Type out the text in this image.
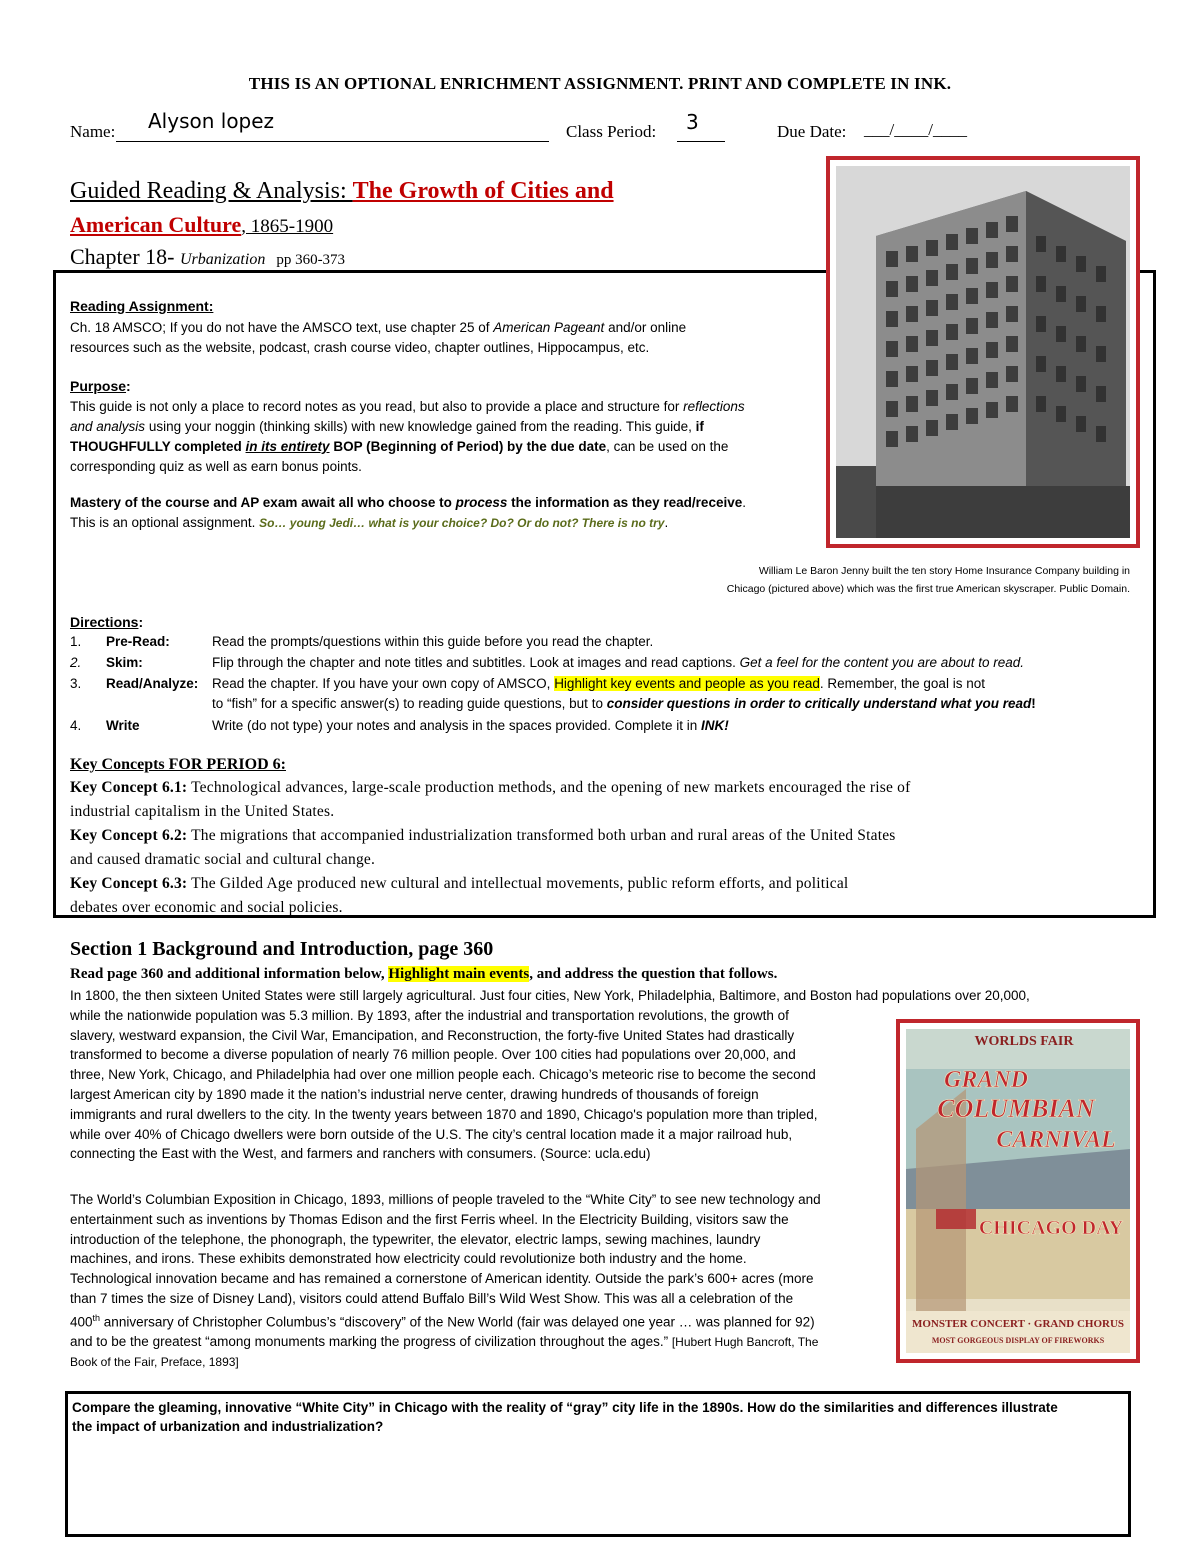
THIS IS AN OPTIONAL ENRICHMENT ASSIGNMENT. PRINT AND COMPLETE IN INK.
Name: Alyson lopez	Class Period: 3	Due Date: ___/____/____
Guided Reading & Analysis: The Growth of Cities and
American Culture, 1865-1900
Chapter 18- Urbanization pp 360-373
William Le Baron Jenny built the ten story Home Insurance Company building in
Chicago (pictured above) which was the first true American skyscraper. Public Domain.
Reading Assignment:
Ch. 18 AMSCO; If you do not have the AMSCO text, use chapter 25 of American Pageant and/or online
resources such as the website, podcast, crash course video, chapter outlines, Hippocampus, etc.
Purpose:
This guide is not only a place to record notes as you read, but also to provide a place and structure for reflections
and analysis using your noggin (thinking skills) with new knowledge gained from the reading. This guide, if
THOUGHFULLY completed in its entirety BOP (Beginning of Period) by the due date, can be used on the
corresponding quiz as well as earn bonus points.
Mastery of the course and AP exam await all who choose to process the information as they read/receive.
This is an optional assignment. So… young Jedi… what is your choice? Do? Or do not? There is no try.
Directions:
1. Pre-Read:	Read the prompts/questions within this guide before you read the chapter.
2. Skim:	Flip through the chapter and note titles and subtitles. Look at images and read captions. Get a feel for the content you are about to read.
3. Read/Analyze: Read the chapter. If you have your own copy of AMSCO, Highlight key events and people as you read. Remember, the goal is not
to “fish” for a specific answer(s) to reading guide questions, but to consider questions in order to critically understand what you read!
4. Write	Write (do not type) your notes and analysis in the spaces provided. Complete it in INK!
Key Concepts FOR PERIOD 6:
Key Concept 6.1: Technological advances, large-scale production methods, and the opening of new markets encouraged the rise of
industrial capitalism in the United States.
Key Concept 6.2: The migrations that accompanied industrialization transformed both urban and rural areas of the United States
and caused dramatic social and cultural change.
Key Concept 6.3: The Gilded Age produced new cultural and intellectual movements, public reform efforts, and political
debates over economic and social policies.
Section 1 Background and Introduction, page 360
Read page 360 and additional information below, Highlight main events, and address the question that follows.
In 1800, the then sixteen United States were still largely agricultural. Just four cities, New York, Philadelphia, Baltimore, and Boston had populations over 20,000,
while the nationwide population was 5.3 million. By 1893, after the industrial and transportation revolutions, the growth of
slavery, westward expansion, the Civil War, Emancipation, and Reconstruction, the forty-five United States had drastically
transformed to become a diverse population of nearly 76 million people. Over 100 cities had populations over 20,000, and
three, New York, Chicago, and Philadelphia had over one million people each. Chicago’s meteoric rise to become the second
largest American city by 1890 made it the nation’s industrial nerve center, drawing hundreds of thousands of foreign
immigrants and rural dwellers to the city. In the twenty years between 1870 and 1890, Chicago's population more than tripled,
while over 40% of Chicago dwellers were born outside of the U.S. The city’s central location made it a major railroad hub,
connecting the East with the West, and farmers and ranchers with consumers. (Source: ucla.edu)
The World’s Columbian Exposition in Chicago, 1893, millions of people traveled to the “White City” to see new technology and
entertainment such as inventions by Thomas Edison and the first Ferris wheel. In the Electricity Building, visitors saw the
introduction of the telephone, the phonograph, the typewriter, the elevator, electric lamps, sewing machines, laundry
machines, and irons. These exhibits demonstrated how electricity could revolutionize both industry and the home.
Technological innovation became and has remained a cornerstone of American identity. Outside the park’s 600+ acres (more
than 7 times the size of Disney Land), visitors could attend Buffalo Bill’s Wild West Show. This was all a celebration of the
400th anniversary of Christopher Columbus’s “discovery” of the New World (fair was delayed one year … was planned for 92)
and to be the greatest “among monuments marking the progress of civilization throughout the ages.” [Hubert Hugh Bancroft, The
Book of the Fair, Preface, 1893]
WORLDS FAIR
GRAND
COLUMBIAN
CARNIVAL
CHICAGO DAY
MONSTER CONCERT · GRAND CHORUS
MOST GORGEOUS DISPLAY OF FIREWORKS
Compare the gleaming, innovative “White City” in Chicago with the reality of “gray” city life in the 1890s. How do the similarities and differences illustrate
the impact of urbanization and industrialization?
